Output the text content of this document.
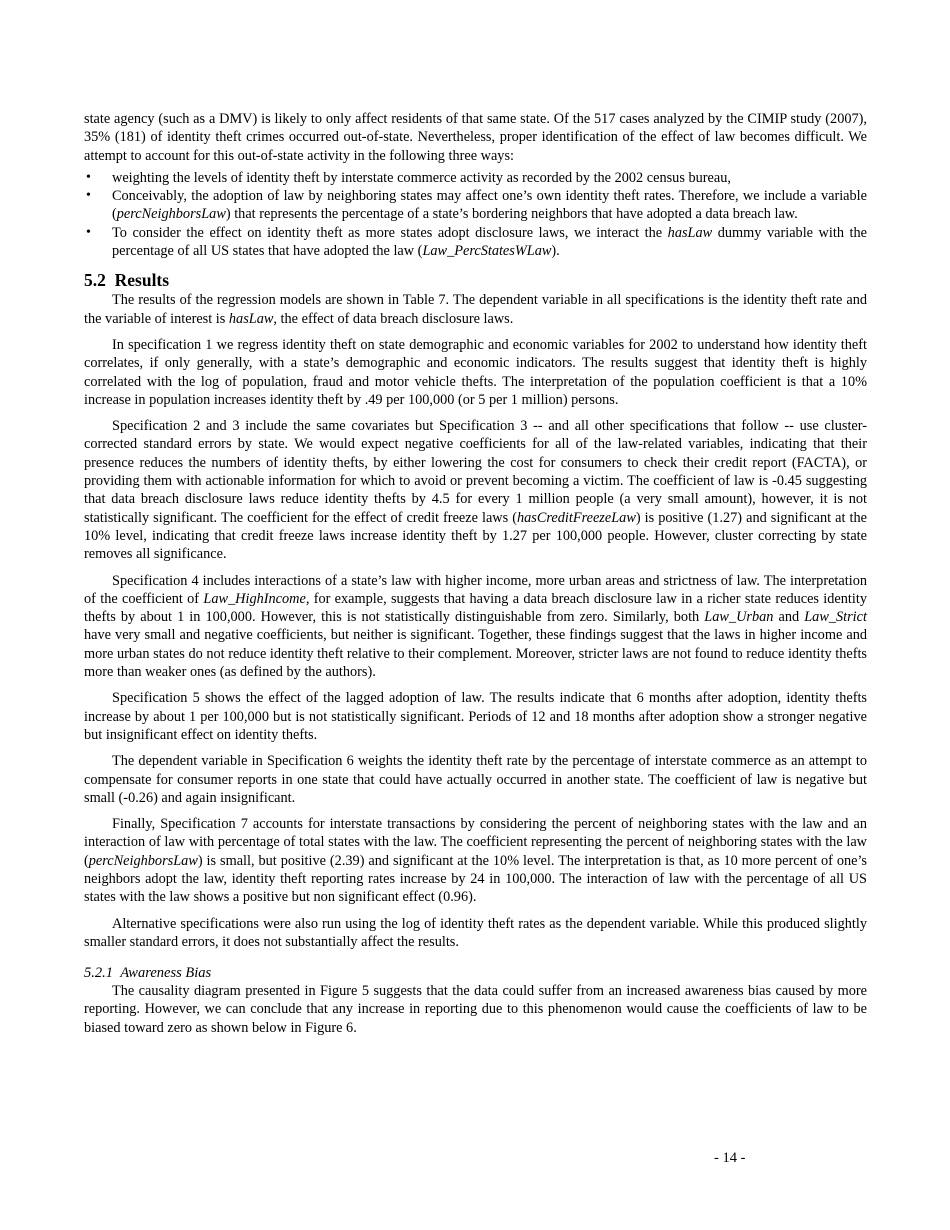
state agency (such as a DMV) is likely to only affect residents of that same state. Of the 517 cases analyzed by the CIMIP study (2007), 35% (181) of identity theft crimes occurred out-of-state. Nevertheless, proper identification of the effect of law becomes difficult. We attempt to account for this out-of-state activity in the following three ways:

• weighting the levels of identity theft by interstate commerce activity as recorded by the 2002 census bureau,
• Conceivably, the adoption of law by neighboring states may affect one’s own identity theft rates. Therefore, we include a variable (percNeighborsLaw) that represents the percentage of a state’s bordering neighbors that have adopted a data breach law.
• To consider the effect on identity theft as more states adopt disclosure laws, we interact the hasLaw dummy variable with the percentage of all US states that have adopted the law (Law_PercStatesWLaw).
5.2 Results

The results of the regression models are shown in Table 7. The dependent variable in all specifications is the identity theft rate and the variable of interest is hasLaw, the effect of data breach disclosure laws.

In specification 1 we regress identity theft on state demographic and economic variables for 2002 to understand how identity theft correlates, if only generally, with a state’s demographic and economic indicators. The results suggest that identity theft is highly correlated with the log of population, fraud and motor vehicle thefts. The interpretation of the population coefficient is that a 10% increase in population increases identity theft by .49 per 100,000 (or 5 per 1 million) persons.

Specification 2 and 3 include the same covariates but Specification 3 -- and all other specifications that follow -- use cluster-corrected standard errors by state. We would expect negative coefficients for all of the law-related variables, indicating that their presence reduces the numbers of identity thefts, by either lowering the cost for consumers to check their credit report (FACTA), or providing them with actionable information for which to avoid or prevent becoming a victim. The coefficient of law is -0.45 suggesting that data breach disclosure laws reduce identity thefts by 4.5 for every 1 million people (a very small amount), however, it is not statistically significant. The coefficient for the effect of credit freeze laws (hasCreditFreezeLaw) is positive (1.27) and significant at the 10% level, indicating that credit freeze laws increase identity theft by 1.27 per 100,000 people. However, cluster correcting by state removes all significance.

Specification 4 includes interactions of a state’s law with higher income, more urban areas and strictness of law. The interpretation of the coefficient of Law_HighIncome, for example, suggests that having a data breach disclosure law in a richer state reduces identity thefts by about 1 in 100,000. However, this is not statistically distinguishable from zero. Similarly, both Law_Urban and Law_Strict have very small and negative coefficients, but neither is significant. Together, these findings suggest that the laws in higher income and more urban states do not reduce identity theft relative to their complement. Moreover, stricter laws are not found to reduce identity thefts more than weaker ones (as defined by the authors).

Specification 5 shows the effect of the lagged adoption of law. The results indicate that 6 months after adoption, identity thefts increase by about 1 per 100,000 but is not statistically significant. Periods of 12 and 18 months after adoption show a stronger negative but insignificant effect on identity thefts.

The dependent variable in Specification 6 weights the identity theft rate by the percentage of interstate commerce as an attempt to compensate for consumer reports in one state that could have actually occurred in another state. The coefficient of law is negative but small (-0.26) and again insignificant.

Finally, Specification 7 accounts for interstate transactions by considering the percent of neighboring states with the law and an interaction of law with percentage of total states with the law. The coefficient representing the percent of neighboring states with the law (percNeighborsLaw) is small, but positive (2.39) and significant at the 10% level. The interpretation is that, as 10 more percent of one’s neighbors adopt the law, identity theft reporting rates increase by 24 in 100,000. The interaction of law with the percentage of all US states with the law shows a positive but non significant effect (0.96).

Alternative specifications were also run using the log of identity theft rates as the dependent variable. While this produced slightly smaller standard errors, it does not substantially affect the results.

5.2.1 Awareness Bias

The causality diagram presented in Figure 5 suggests that the data could suffer from an increased awareness bias caused by more reporting. However, we can conclude that any increase in reporting due to this phenomenon would cause the coefficients of law to be biased toward zero as shown below in Figure 6.

- 14 -
